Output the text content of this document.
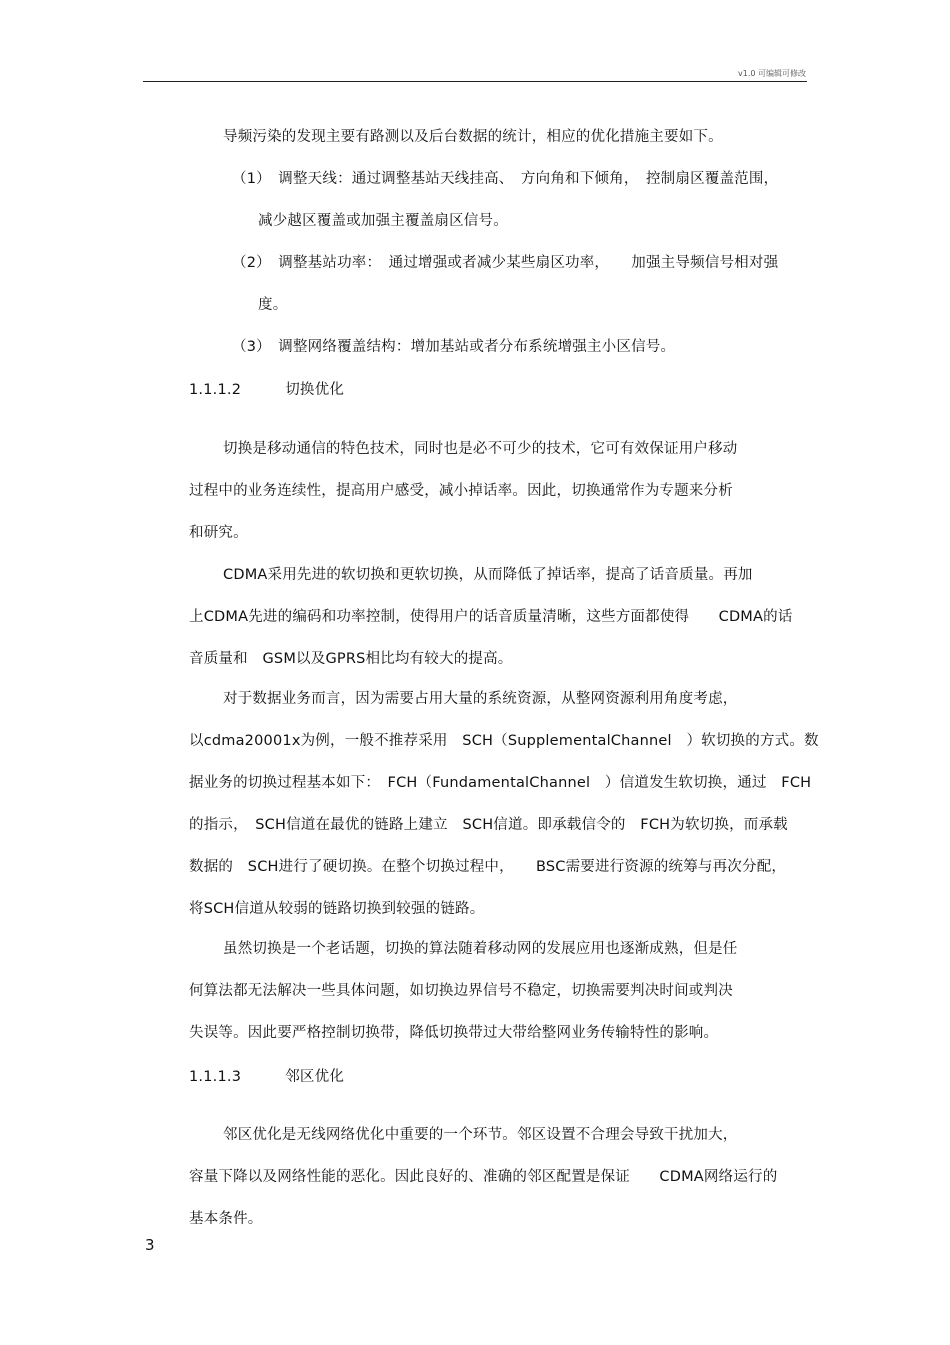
v1.0 可编辑可修改
导频污染的发现主要有路测以及后台数据的统计，相应的优化措施主要如下。
（1）　调整天线：通过调整基站天线挂高、　方向角和下倾角，　控制扇区覆盖范围，
减少越区覆盖或加强主覆盖扇区信号。
（2）　调整基站功率：　通过增强或者减少某些扇区功率，　　加强主导频信号相对强
度。
（3）　调整网络覆盖结构：增加基站或者分布系统增强主小区信号。
1.1.1.2　　　切换优化
切换是移动通信的特色技术，同时也是必不可少的技术，它可有效保证用户移动
过程中的业务连续性，提高用户感受，减小掉话率。因此，切换通常作为专题来分析
和研究。
CDMA采用先进的软切换和更软切换，从而降低了掉话率，提高了话音质量。再加
上CDMA先进的编码和功率控制，使得用户的话音质量清晰，这些方面都使得　　CDMA的话
音质量和　GSM以及GPRS相比均有较大的提高。
对于数据业务而言，因为需要占用大量的系统资源，从整网资源利用角度考虑，
以cdma20001x为例，一般不推荐采用　SCH（SupplementalChannel　）软切换的方式。数
据业务的切换过程基本如下：　FCH（FundamentalChannel　）信道发生软切换，通过　FCH
的指示，　SCH信道在最优的链路上建立　SCH信道。即承载信令的　FCH为软切换，而承载
数据的　SCH进行了硬切换。在整个切换过程中，　　BSC需要进行资源的统筹与再次分配，
将SCH信道从较弱的链路切换到较强的链路。
虽然切换是一个老话题，切换的算法随着移动网的发展应用也逐渐成熟，但是任
何算法都无法解决一些具体问题，如切换边界信号不稳定，切换需要判决时间或判决
失误等。因此要严格控制切换带，降低切换带过大带给整网业务传输特性的影响。
1.1.1.3　　　邻区优化
邻区优化是无线网络优化中重要的一个环节。邻区设置不合理会导致干扰加大，
容量下降以及网络性能的恶化。因此良好的、准确的邻区配置是保证　　CDMA网络运行的
基本条件。
3
